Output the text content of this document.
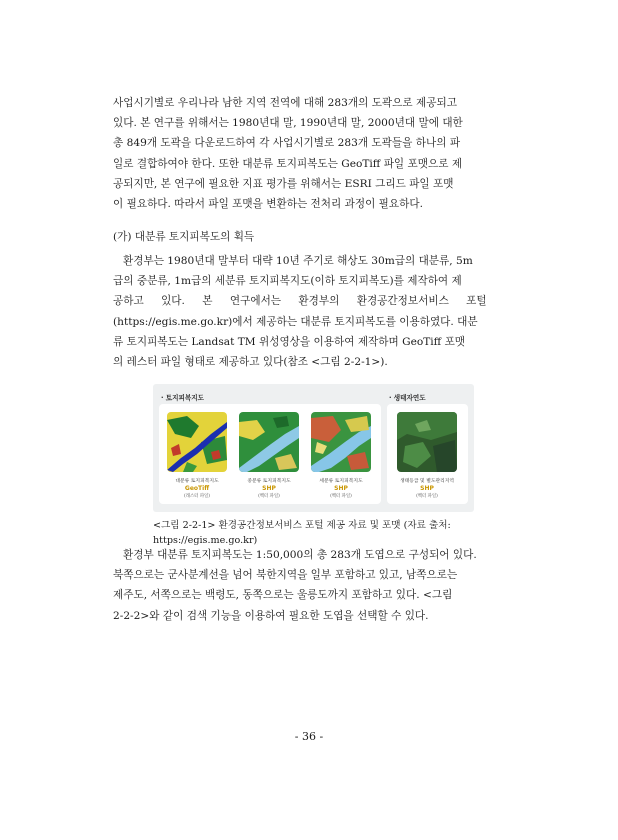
사업시기별로 우리나라 남한 지역 전역에 대해 283개의 도곽으로 제공되고
있다. 본 연구를 위해서는 1980년대 말, 1990년대 말, 2000년대 말에 대한
총 849개 도곽을 다운로드하여 각 사업시기별로 283개 도곽들을 하나의 파
일로 결합하여야 한다. 또한 대분류 토지피복도는 GeoTiff 파일 포맷으로 제
공되지만, 본 연구에 필요한 지표 평가를 위해서는 ESRI 그리드 파일 포맷
이 필요하다. 따라서 파일 포맷을 변환하는 전처리 과정이 필요하다.

(가) 대분류 토지피복도의 획득

환경부는 1980년대 말부터 대략 10년 주기로 해상도 30m급의 대분류, 5m
급의 중분류, 1m급의 세분류 토지피복지도(이하 토지피복도)를 제작하여 제
공하고 있다. 본 연구에서는 환경부의 환경공간정보서비스 포털
(https://egis.me.go.kr)에서 제공하는 대분류 토지피복도를 이용하였다. 대분
류 토지피복도는 Landsat TM 위성영상을 이용하여 제작하며 GeoTiff 포맷
의 레스터 파일 형태로 제공하고 있다(참조 <그림 2-2-1>).
· 토지피복지도	· 생태자연도
대분류 토지피복지도
GeoTiff
(래스터 파일)
중분류 토지피복지도
SHP
(벡터 파일)
세분류 토지피복지도
SHP
(벡터 파일)
생태등급 및 별도관리지역
SHP
(벡터 파일)
<그림 2-2-1> 환경공간정보서비스 포털 제공 자료 및 포맷 (자료 출처:
https://egis.me.go.kr)
환경부 대분류 토지피복도는 1:50,000의 총 283개 도엽으로 구성되어 있다.
북쪽으로는 군사분계선을 넘어 북한지역을 일부 포함하고 있고, 남쪽으로는
제주도, 서쪽으로는 백령도, 동쪽으로는 울릉도까지 포함하고 있다. <그림
2-2-2>와 같이 검색 기능을 이용하여 필요한 도엽을 선택할 수 있다.

- 36 -
